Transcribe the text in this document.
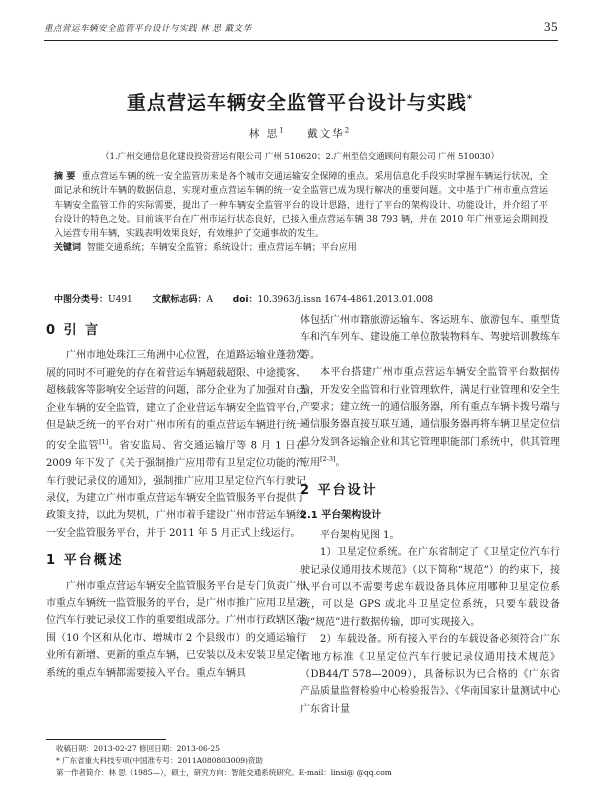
重点营运车辆安全监管平台设计与实践 林 思 戴文华	35
重点营运车辆安全监管平台设计与实践*
林 思$^1$ 戴文华$^2$
（1.广州交通信息化建设投资营运有限公司 广州 510620；2.广州至信交通顾问有限公司 广州 510030）
摘 要 重点营运车辆的统一安全监管历来是各个城市交通运输安全保障的重点。采用信息化手段实时掌握车辆运行状况，全面记录和统计车辆的数据信息，实现对重点营运车辆的统一安全监管已成为现行解决的重要问题。文中基于广州市重点营运车辆安全监管工作的实际需要，提出了一种车辆安全监管平台的设计思路，进行了平台的架构设计、功能设计，并介绍了平台设计的特色之处。目前该平台在广州市运行状态良好，已接入重点营运车辆 38 793 辆，并在 2010 年广州亚运会期间投入运营专用车辆，实践表明效果良好，有效维护了交通事故的发生。
关键词 智能交通系统；车辆安全监管；系统设计；重点营运车辆；平台应用
中图分类号：U491 文献标志码：A doi：10.3963/j.issn 1674-4861.2013.01.008
0 引 言

广州市地处珠江三角洲中心位置，在道路运输业蓬勃发展的同时不可避免的存在着营运车辆超载超限、中途揽客、超核载客等影响安全运营的问题，部分企业为了加强对自己企业车辆的安全监管，建立了企业营运车辆安全监管平台，但是缺乏统一的平台对广州市所有的重点营运车辆进行统一的安全监管[1]。省安监局、省交通运输厅等 8 月 1 日在 2009 年下发了《关于强制推广应用带有卫星定位功能的汽车行驶记录仪的通知》，强制推广应用卫星定位汽车行驶记录仪，为建立广州市重点营运车辆安全监管服务平台提供了政策支持，以此为契机，广州市着手建设广州市营运车辆统一安全监管服务平台，并于 2011 年 5 月正式上线运行。

1 平台概述

广州市重点营运车辆安全监管服务平台是专门负责广州市重点车辆统一监管服务的平台，是广州市推广应用卫星定位汽车行驶记录仪工作的重要组成部分。广州市行政辖区范围（10 个区和从化市、增城市 2 个县级市）的交通运输行业所有新增、更新的重点车辆，已安装以及未安装卫星定位系统的重点车辆都需要接入平台。重点车辆具

体包括广州市籍旅游运输车、客运班车、旅游包车、重型货车和汽车列车、建设施工单位散装物料车、驾驶培训教练车等。

本平台搭建广州市重点营运车辆安全监管平台数据传输，开发安全监管和行业管理软件，满足行业管理和安全生产要求；建立统一的通信服务器，所有重点车辆卡拨号端与通信服务器直接互联互通，通信服务器再将车辆卫星定位信息分发到各运输企业和其它管理职能部门系统中，供其管理应用[2-3]。

2 平台设计
2.1 平台架构设计

平台架构见图 1。

1）卫星定位系统。在广东省制定了《卫星定位汽车行驶记录仪通用技术规范》（以下简称“规范”）的约束下，接入平台可以不需要考虑车载设备具体应用哪种卫星定位系统，可以是 GPS 或北斗卫星定位系统，只要车载设备按“规范”进行数据传输，即可实现接入。

2）车载设备。所有接入平台的车载设备必须符合广东省地方标准《卫星定位汽车行驶记录仪通用技术规范》（DB44/T 578—2009），具备标识为已合格的《广东省产品质量监督检验中心检验报告》、《华南国家计量测试中心广东省计量

收稿日期：2013-02-27 修回日期：2013-06-25
* 广东省重大科技专项(中国准专号：2011A080803009)资助
第一作者简介：林 思（1985—），硕士，研究方向：智能交通系统研究。E-mail：linsi@ @qq.com
